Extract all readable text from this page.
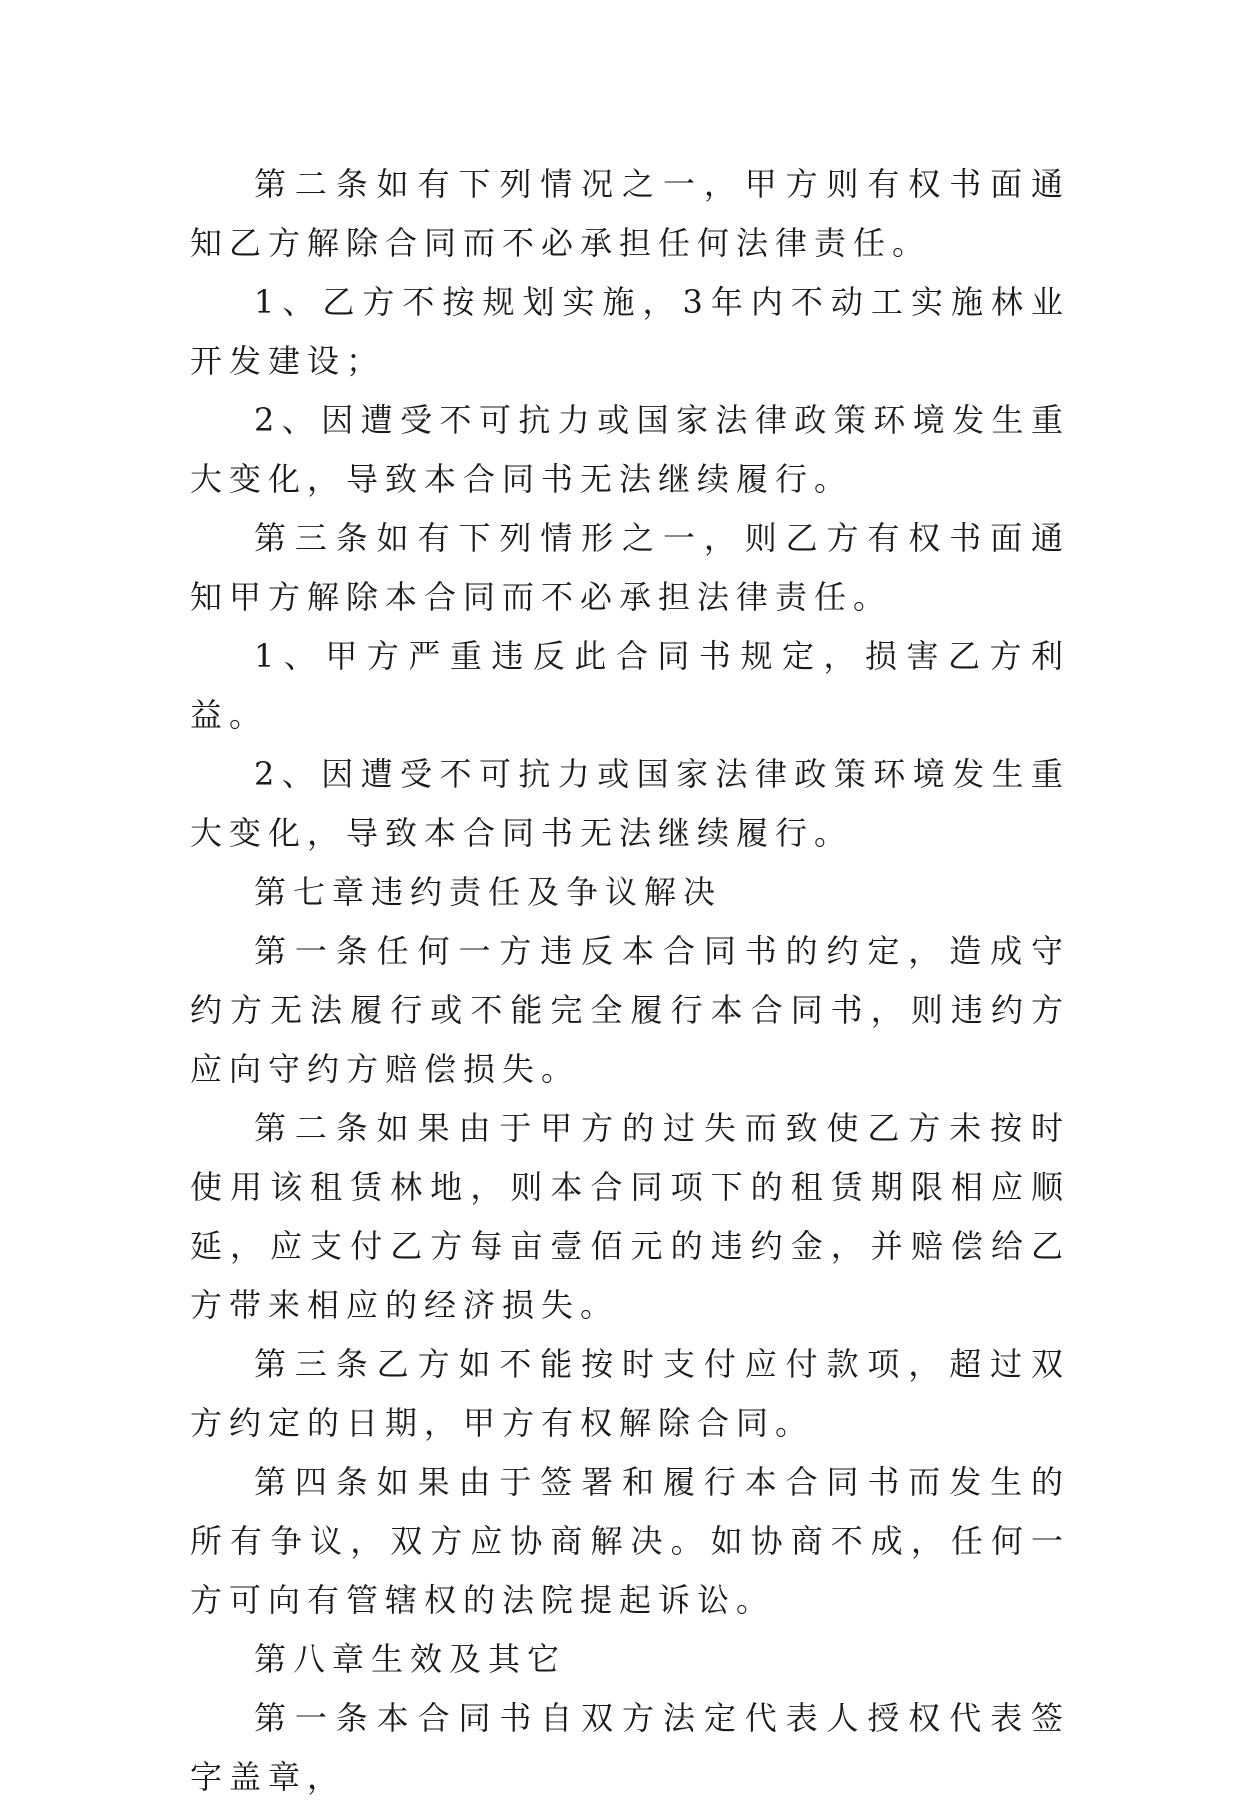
第二条如有下列情况之一，甲方则有权书面通知乙方解除合同而不必承担任何法律责任。

1、乙方不按规划实施，3年内不动工实施林业开发建设；

2、因遭受不可抗力或国家法律政策环境发生重大变化，导致本合同书无法继续履行。

第三条如有下列情形之一，则乙方有权书面通知甲方解除本合同而不必承担法律责任。

1、甲方严重违反此合同书规定，损害乙方利益。

2、因遭受不可抗力或国家法律政策环境发生重大变化，导致本合同书无法继续履行。

第七章违约责任及争议解决

第一条任何一方违反本合同书的约定，造成守约方无法履行或不能完全履行本合同书，则违约方应向守约方赔偿损失。

第二条如果由于甲方的过失而致使乙方未按时使用该租赁林地，则本合同项下的租赁期限相应顺延，应支付乙方每亩壹佰元的违约金，并赔偿给乙方带来相应的经济损失。

第三条乙方如不能按时支付应付款项，超过双方约定的日期，甲方有权解除合同。

第四条如果由于签署和履行本合同书而发生的所有争议，双方应协商解决。如协商不成，任何一方可向有管辖权的法院提起诉讼。

第八章生效及其它

第一条本合同书自双方法定代表人授权代表签字盖章，
